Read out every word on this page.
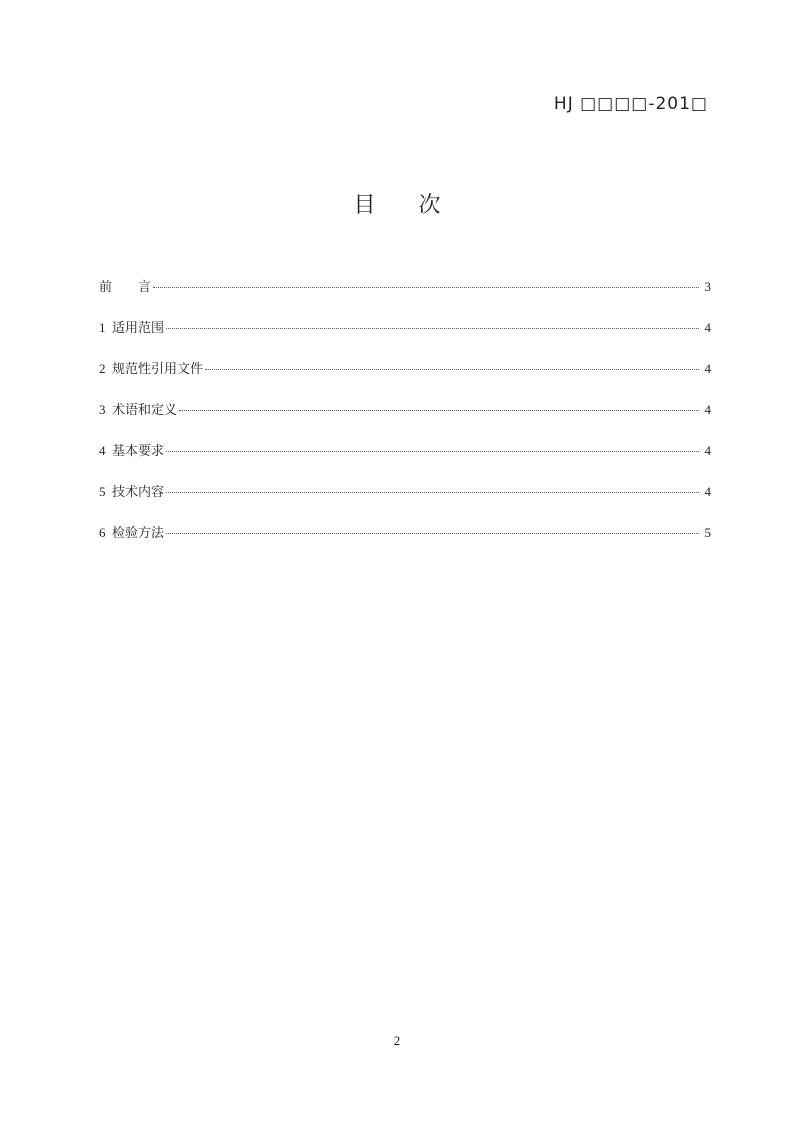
HJ □□□□-201□
目 次
前        言	3
1  适用范围	4
2  规范性引用文件	4
3  术语和定义	4
4  基本要求	4
5  技术内容	4
6  检验方法	5
2
